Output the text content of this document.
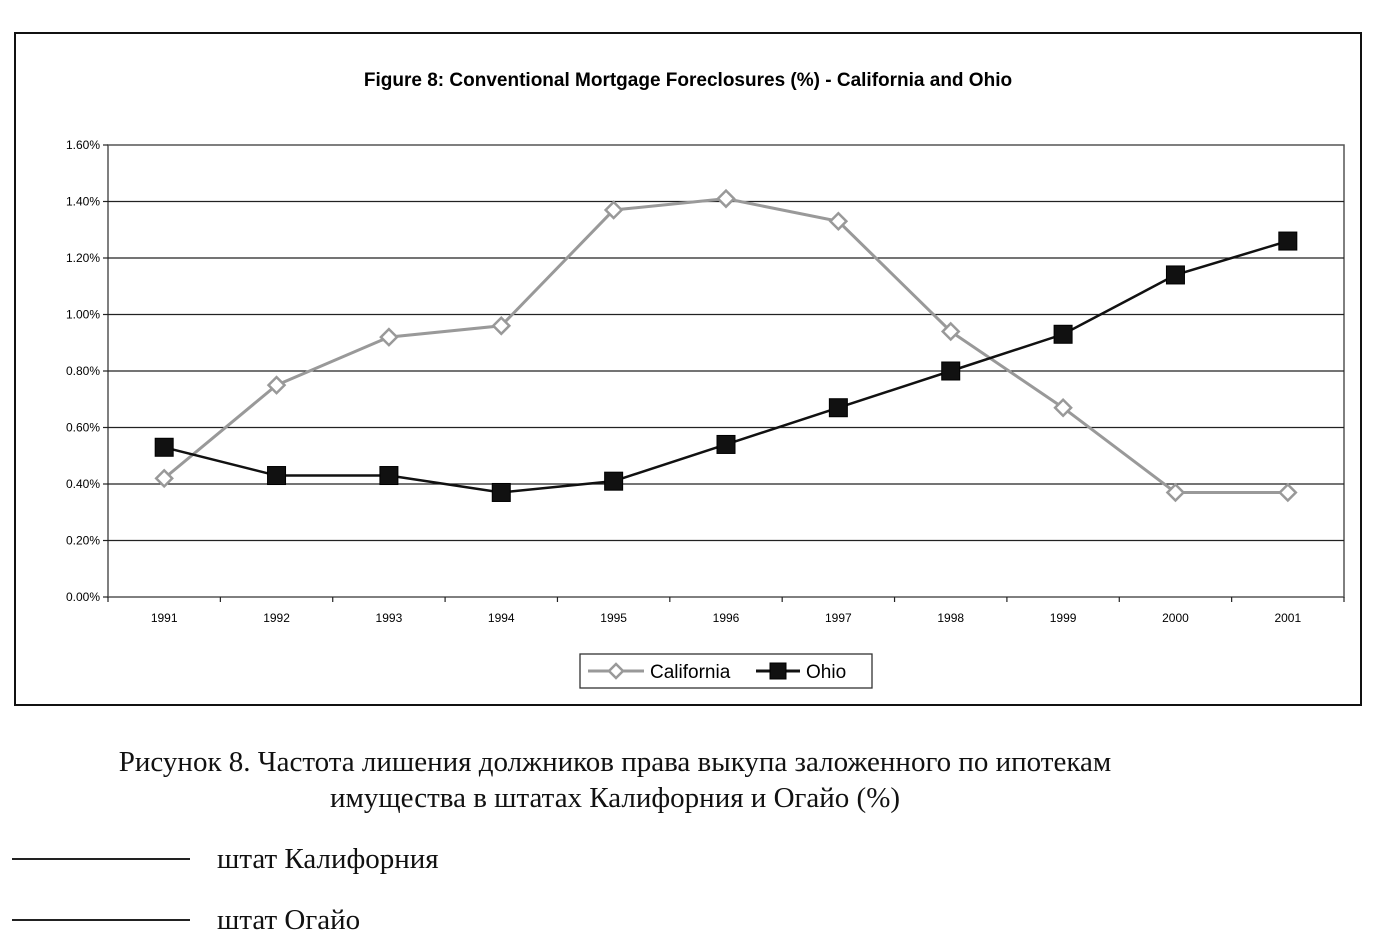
Figure 8: Conventional Mortgage Foreclosures (%) - California and Ohio
0.00%
0.20%
0.40%
0.60%
0.80%
1.00%
1.20%
1.40%
1.60%
1991	1992	1993	1994	1995	1996	1997	1998	1999	2000	2001
California	Ohio
Рисунок 8. Частота лишения должников права выкупа заложенного по ипотекам
имущества в штатах Калифорния и Огайо (%)
штат Калифорния
штат Огайо
